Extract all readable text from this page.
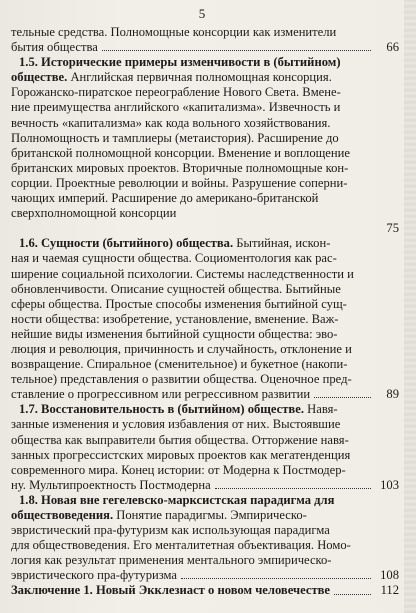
5

тельные средства. Полномощные консорции как изменители

бытия общества	66

1.5. Исторические примеры изменчивости в (бытийном)

обществе. Английская первичная полномощная консорция.

Горожанско-пиратское переограбление Нового Света. Вмене-

ние преимущества английского «капитализма». Извечность и

вечность «капитализма» как кода вольного хозяйствования.

Полномощность и тамплиеры (метаистория). Расширение до

британской полномощной консорции. Вменение и воплощение

британских мировых проектов. Вторичные полномощные кон-

сорции. Проектные революции и войны. Разрушение соперни-

чающих империй. Расширение до американо-британской

сверхполномощной консорции

75

1.6. Сущности (бытийного) общества. Бытийная, искон-

ная и чаемая сущности общества. Социоментология как рас-

ширение социальной психологии. Системы наследственности и

обновленчивости. Описание сущностей общества. Бытийные

сферы общества. Простые способы изменения бытийной сущ-

ности общества: изобретение, установление, вменение. Важ-

нейшие виды изменения бытийной сущности общества: эво-

люция и революция, причинность и случайность, отклонение и

возвращение. Спиральное (сменительное) и букетное (накопи-

тельное) представления о развитии общества. Оценочное пред-

ставление о прогрессивном или регрессивном развитии	89

1.7. Восстановительность в (бытийном) обществе. Навя-

занные изменения и условия избавления от них. Выстоявшие

общества как выправители бытия общества. Отторжение навя-

занных прогрессистских мировых проектов как мегатенденция

современного мира. Конец истории: от Модерна к Постмодер-

ну. Мультипроектность Постмодерна	103

1.8. Новая вне гегелевско-марксистская парадигма для

обществоведения. Понятие парадигмы. Эмпирическо-

эвристический пра-футуризм как использующая парадигма

для обществоведения. Его менталитетная объективация. Номо-

логия как результат применения ментального эмпирическо-

эвристического пра-футуризма	108
Заключение 1. Новый Экклезиаст о новом человечестве	112
